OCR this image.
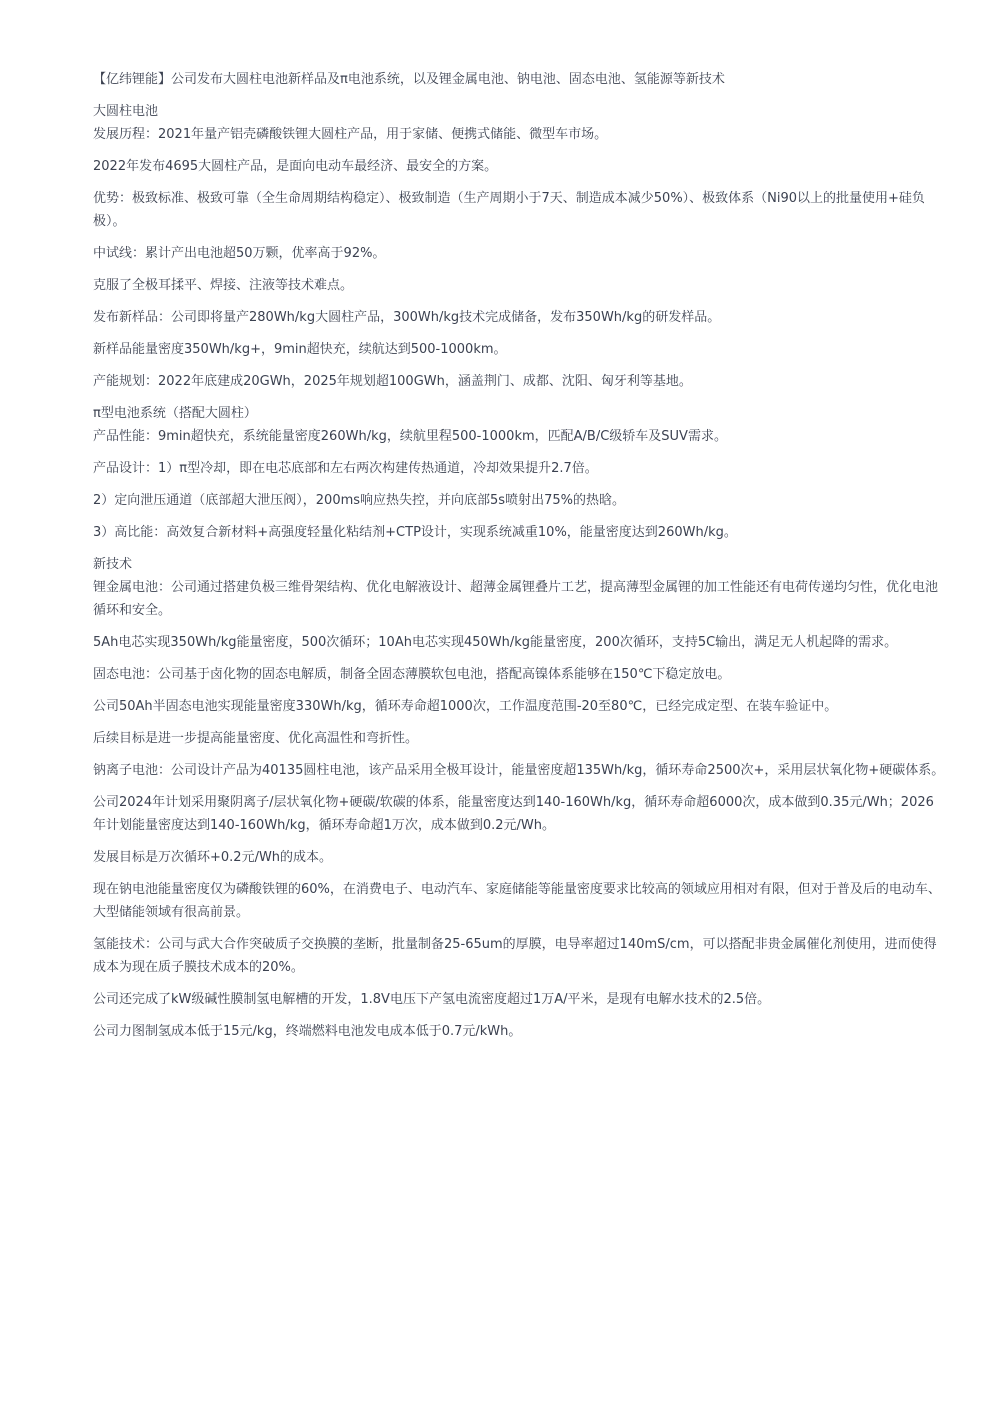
【亿纬锂能】公司发布大圆柱电池新样品及π电池系统，以及锂金属电池、钠电池、固态电池、氢能源等新技术

大圆柱电池

发展历程：2021年量产铝壳磷酸铁锂大圆柱产品，用于家储、便携式储能、微型车市场。

2022年发布4695大圆柱产品，是面向电动车最经济、最安全的方案。

优势：极致标准、极致可靠（全生命周期结构稳定）、极致制造（生产周期小于7天、制造成本减少50%）、极致体系（Ni90以上的批量使用+硅负极）。

中试线：累计产出电池超50万颗，优率高于92%。

克服了全极耳揉平、焊接、注液等技术难点。

发布新样品：公司即将量产280Wh/kg大圆柱产品，300Wh/kg技术完成储备，发布350Wh/kg的研发样品。

新样品能量密度350Wh/kg+，9min超快充，续航达到500-1000km。

产能规划：2022年底建成20GWh，2025年规划超100GWh，涵盖荆门、成都、沈阳、匈牙利等基地。

π型电池系统（搭配大圆柱）

产品性能：9min超快充，系统能量密度260Wh/kg，续航里程500-1000km，匹配A/B/C级轿车及SUV需求。

产品设计：1）π型冷却，即在电芯底部和左右两次构建传热通道，冷却效果提升2.7倍。

2）定向泄压通道（底部超大泄压阀），200ms响应热失控，并向底部5s喷射出75%的热晗。

3）高比能：高效复合新材料+高强度轻量化粘结剂+CTP设计，实现系统减重10%，能量密度达到260Wh/kg。

新技术

锂金属电池：公司通过搭建负极三维骨架结构、优化电解液设计、超薄金属锂叠片工艺，提高薄型金属锂的加工性能还有电荷传递均匀性，优化电池循环和安全。

5Ah电芯实现350Wh/kg能量密度，500次循环；10Ah电芯实现450Wh/kg能量密度，200次循环，支持5C输出，满足无人机起降的需求。

固态电池：公司基于卤化物的固态电解质，制备全固态薄膜软包电池，搭配高镍体系能够在150℃下稳定放电。

公司50Ah半固态电池实现能量密度330Wh/kg，循环寿命超1000次，工作温度范围-20至80℃，已经完成定型、在装车验证中。

后续目标是进一步提高能量密度、优化高温性和弯折性。

钠离子电池：公司设计产品为40135圆柱电池，该产品采用全极耳设计，能量密度超135Wh/kg，循环寿命2500次+，采用层状氧化物+硬碳体系。

公司2024年计划采用聚阴离子/层状氧化物+硬碳/软碳的体系，能量密度达到140-160Wh/kg，循环寿命超6000次，成本做到0.35元/Wh；2026年计划能量密度达到140-160Wh/kg，循环寿命超1万次，成本做到0.2元/Wh。

发展目标是万次循环+0.2元/Wh的成本。

现在钠电池能量密度仅为磷酸铁锂的60%，在消费电子、电动汽车、家庭储能等能量密度要求比较高的领域应用相对有限，但对于普及后的电动车、大型储能领域有很高前景。

氢能技术：公司与武大合作突破质子交换膜的垄断，批量制备25-65um的厚膜，电导率超过140mS/cm，可以搭配非贵金属催化剂使用，进而使得成本为现在质子膜技术成本的20%。

公司还完成了kW级碱性膜制氢电解槽的开发，1.8V电压下产氢电流密度超过1万A/平米，是现有电解水技术的2.5倍。

公司力图制氢成本低于15元/kg，终端燃料电池发电成本低于0.7元/kWh。
